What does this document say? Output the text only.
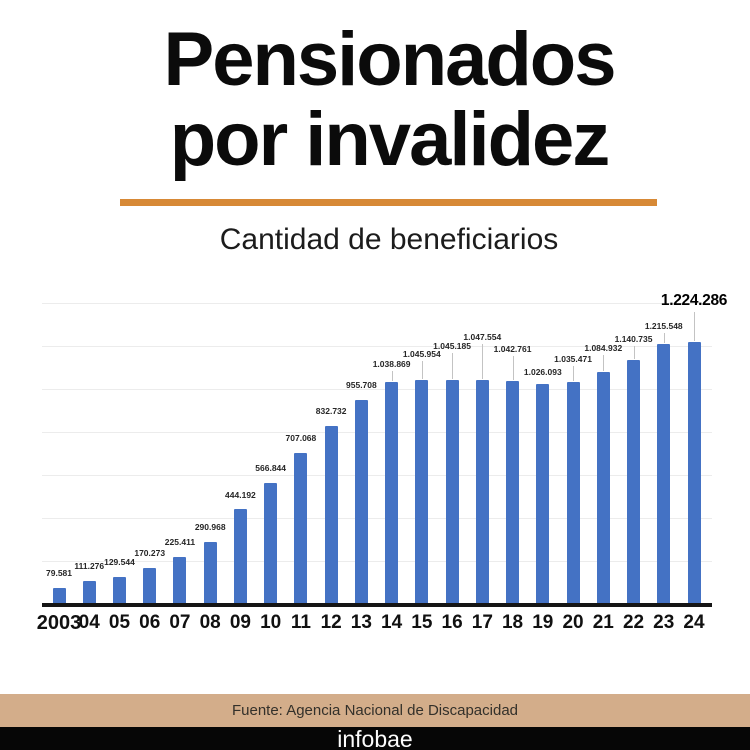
Pensionados
por invalidez
Cantidad de beneficiarios
79.581
111.276 129.544
170.273
225.411
290.968
444.192
566.844
707.068
832.732
955.708
1.038.869
1.045.954
1.045.185
1.047.554
1.042.761
1.026.093
1.035.471
1.084.932
1.140.735
1.215.548
1.224.286
2003
04 05 06 07 08 09 10 11 12 13 14 15 16 17 18 19 20 21 22 23 24
Fuente: Agencia Nacional de Discapacidad
infobae
